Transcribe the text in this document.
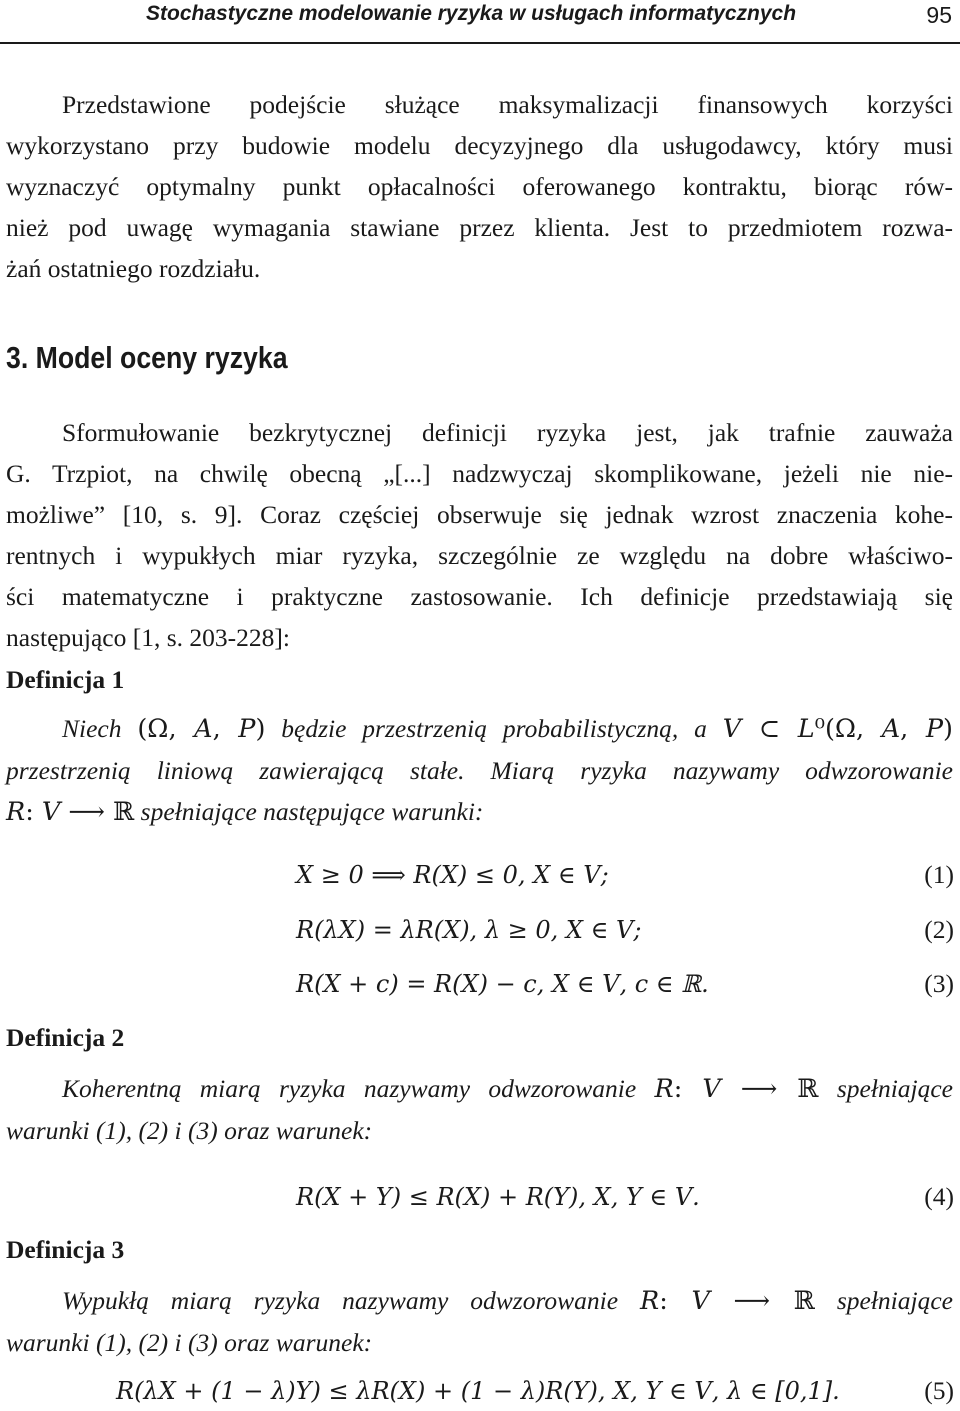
Stochastyczne modelowanie ryzyka w usługach informatycznych	95

Przedstawione podejście służące maksymalizacji finansowych korzyści
wykorzystano przy budowie modelu decyzyjnego dla usługodawcy, który musi
wyznaczyć optymalny punkt opłacalności oferowanego kontraktu, biorąc rów-
nież pod uwagę wymagania stawiane przez klienta. Jest to przedmiotem rozwa-
żań ostatniego rozdziału.

3. Model oceny ryzyka

Sformułowanie bezkrytycznej definicji ryzyka jest, jak trafnie zauważa
G. Trzpiot, na chwilę obecną „[...] nadzwyczaj skomplikowane, jeżeli nie nie-
możliwe” [10, s. 9]. Coraz częściej obserwuje się jednak wzrost znaczenia kohe-
rentnych i wypukłych miar ryzyka, szczególnie ze względu na dobre właściwo-
ści matematyczne i praktyczne zastosowanie. Ich definicje przedstawiają się
następująco [1, s. 203-228]:

Definicja 1

Niech (Ω, 𝐴, 𝑃) będzie przestrzenią probabilistyczną, a 𝑉 ⊂ 𝐿⁰(Ω, 𝐴, 𝑃)
przestrzenią liniową zawierającą stałe. Miarą ryzyka nazywamy odwzorowanie
𝑅: 𝑉 ⟶ ℝ spełniające następujące warunki:

𝑋 ≥ 0 ⟹ 𝑅(𝑋) ≤ 0, 𝑋 ∈ 𝑉;	(1)
𝑅(𝜆𝑋) = 𝜆𝑅(𝑋), 𝜆 ≥ 0, 𝑋 ∈ 𝑉;	(2)
𝑅(𝑋 + 𝑐) = 𝑅(𝑋) − 𝑐, 𝑋 ∈ 𝑉, 𝑐 ∈ ℝ.	(3)
Definicja 2

Koherentną miarą ryzyka nazywamy odwzorowanie 𝑅: 𝑉 ⟶ ℝ spełniające
warunki (1), (2) i (3) oraz warunek:

𝑅(𝑋 + 𝑌) ≤ 𝑅(𝑋) + 𝑅(𝑌), 𝑋, 𝑌 ∈ 𝑉.	(4)
Definicja 3

Wypukłą miarą ryzyka nazywamy odwzorowanie 𝑅: 𝑉 ⟶ ℝ spełniające
warunki (1), (2) i (3) oraz warunek:

𝑅(𝜆𝑋 + (1 − 𝜆)𝑌) ≤ 𝜆𝑅(𝑋) + (1 − 𝜆)𝑅(𝑌), 𝑋, 𝑌 ∈ 𝑉, 𝜆 ∈ [0,1].	(5)
